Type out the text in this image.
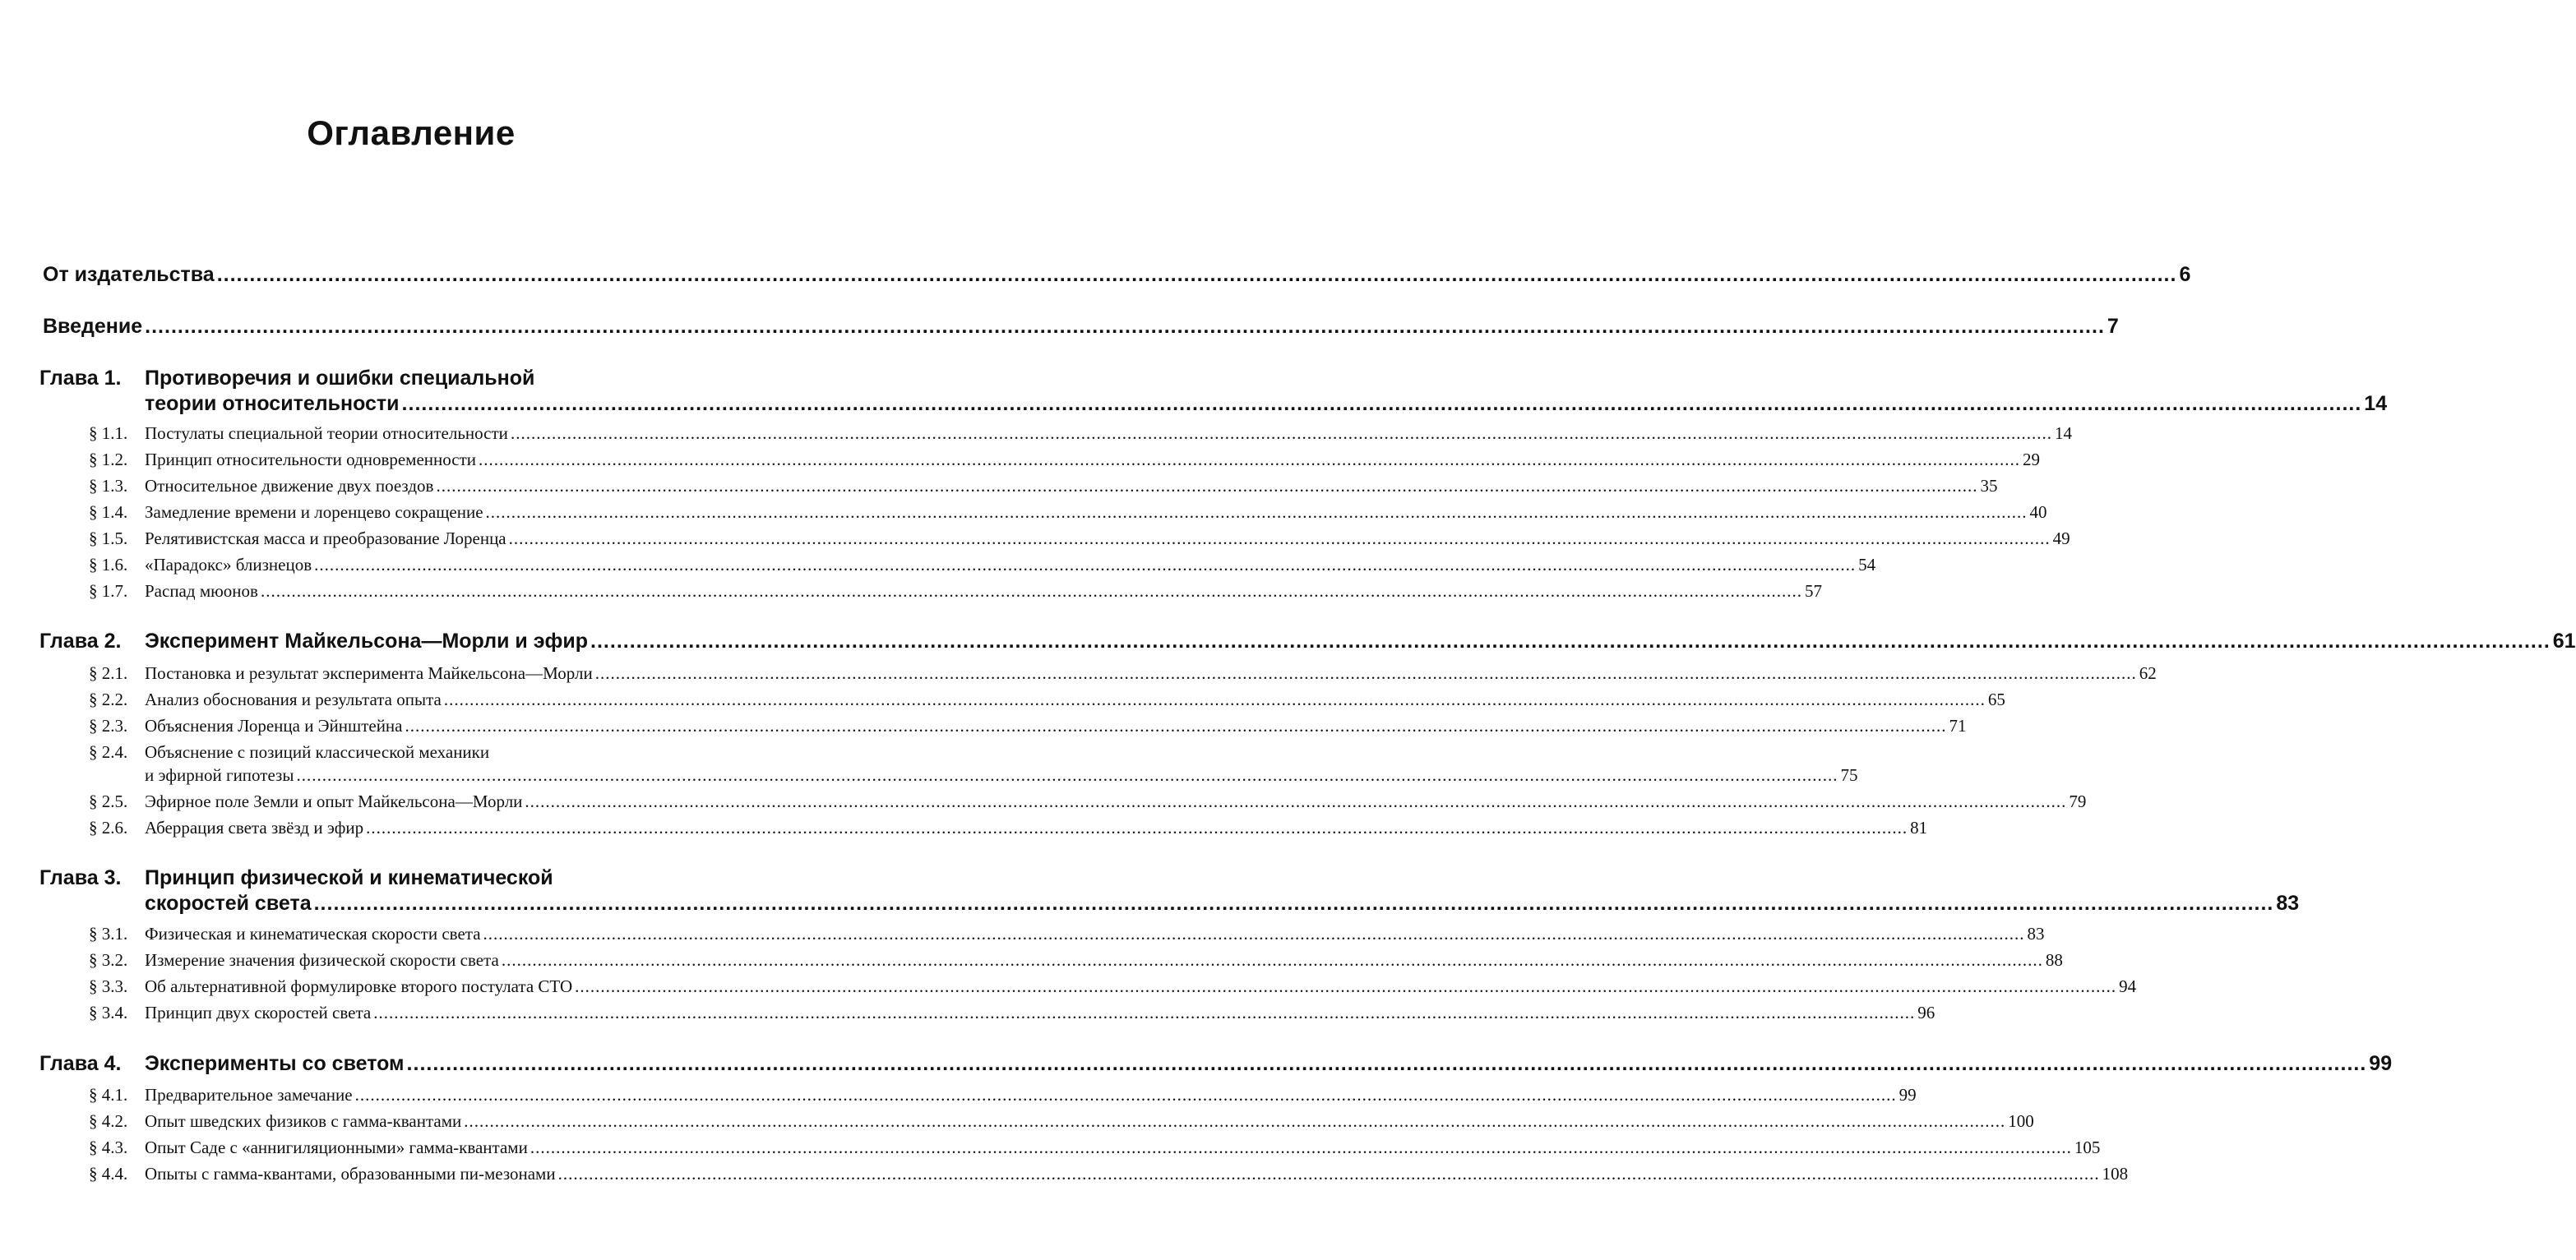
Оглавление
От издательства ............................................................................................................................................................................................................................................................................................................ 6
Введение ............................................................................................................................................................................................................................................................................................................ 7
Глава 1. Противоречия и ошибки специальной
теории относительности ............................................................................................................................................................................................................................................................................................................ 14
§ 1.1. Постулаты специальной теории относительности ............................................................................................................................................................................................................................................................................................................ 14
§ 1.2. Принцип относительности одновременности ............................................................................................................................................................................................................................................................................................................ 29
§ 1.3. Относительное движение двух поездов ............................................................................................................................................................................................................................................................................................................ 35
§ 1.4. Замедление времени и лоренцево сокращение ............................................................................................................................................................................................................................................................................................................ 40
§ 1.5. Релятивистская масса и преобразование Лоренца ............................................................................................................................................................................................................................................................................................................ 49
§ 1.6. «Парадокс» близнецов ............................................................................................................................................................................................................................................................................................................ 54
§ 1.7. Распад мюонов ............................................................................................................................................................................................................................................................................................................ 57
Глава 2. Эксперимент Майкельсона—Морли и эфир ............................................................................................................................................................................................................................................................................................................ 61
§ 2.1. Постановка и результат эксперимента Майкельсона—Морли ............................................................................................................................................................................................................................................................................................................ 62
§ 2.2. Анализ обоснования и результата опыта ............................................................................................................................................................................................................................................................................................................ 65
§ 2.3. Объяснения Лоренца и Эйнштейна ............................................................................................................................................................................................................................................................................................................ 71
§ 2.4. Объяснение с позиций классической механики
и эфирной гипотезы ............................................................................................................................................................................................................................................................................................................ 75
§ 2.5. Эфирное поле Земли и опыт Майкельсона—Морли ............................................................................................................................................................................................................................................................................................................ 79
§ 2.6. Аберрация света звёзд и эфир ............................................................................................................................................................................................................................................................................................................ 81
Глава 3. Принцип физической и кинематической
скоростей света ............................................................................................................................................................................................................................................................................................................ 83
§ 3.1. Физическая и кинематическая скорости света ............................................................................................................................................................................................................................................................................................................ 83
§ 3.2. Измерение значения физической скорости света ............................................................................................................................................................................................................................................................................................................ 88
§ 3.3. Об альтернативной формулировке второго постулата СТО ............................................................................................................................................................................................................................................................................................................ 94
§ 3.4. Принцип двух скоростей света ............................................................................................................................................................................................................................................................................................................ 96
Глава 4. Эксперименты со светом ............................................................................................................................................................................................................................................................................................................ 99
§ 4.1. Предварительное замечание ............................................................................................................................................................................................................................................................................................................ 99
§ 4.2. Опыт шведских физиков с гамма-квантами ............................................................................................................................................................................................................................................................................................................ 100
§ 4.3. Опыт Саде с «аннигиляционными» гамма-квантами ............................................................................................................................................................................................................................................................................................................ 105
§ 4.4. Опыты с гамма-квантами, образованными пи-мезонами ............................................................................................................................................................................................................................................................................................................ 108
